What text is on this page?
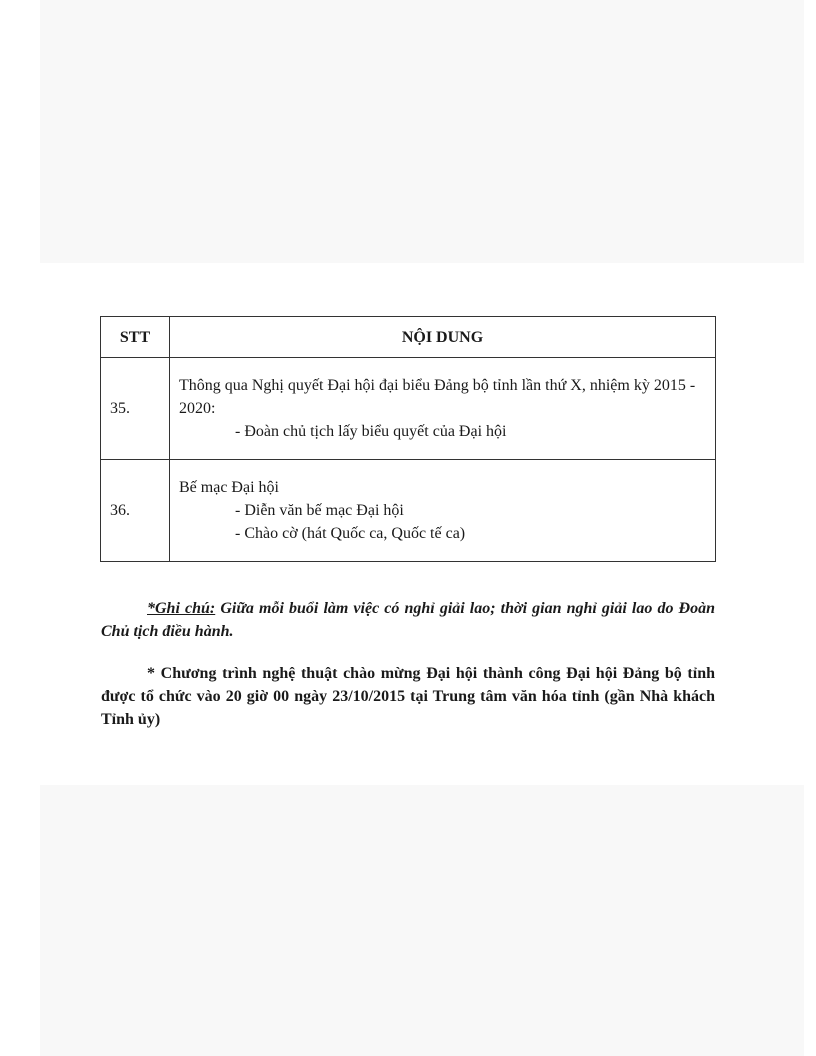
STT	NỘI DUNG
35.	Thông qua Nghị quyết Đại hội đại biểu Đảng bộ tỉnh lần thứ X, nhiệm kỳ 2015 - 2020:
- Đoàn chủ tịch lấy biểu quyết của Đại hội

36.	Bế mạc Đại hội
- Diễn văn bế mạc Đại hội
- Chào cờ (hát Quốc ca, Quốc tế ca)

*Ghi chú: Giữa mỗi buổi làm việc có nghỉ giải lao; thời gian nghỉ giải lao do Đoàn Chủ tịch điều hành.

* Chương trình nghệ thuật chào mừng Đại hội thành công Đại hội Đảng bộ tỉnh được tổ chức vào 20 giờ 00 ngày 23/10/2015 tại Trung tâm văn hóa tỉnh (gần Nhà khách Tỉnh ủy)
